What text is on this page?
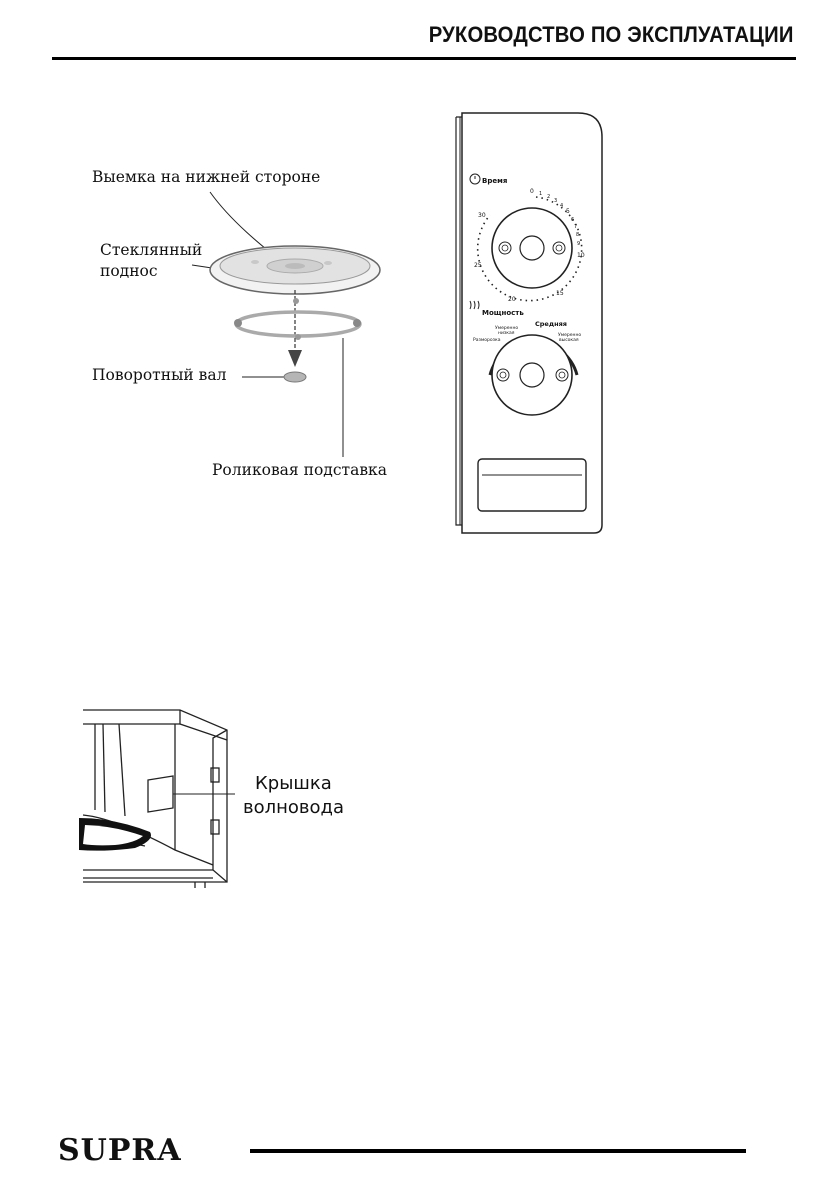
РУКОВОДСТВО ПО ЭКСПЛУАТАЦИИ
Выемка на нижней стороне
Стеклянный
поднос
Поворотный вал
Роликовая подставка
Время
0 1 2
3
4
5
6
7
8
9
10
15
20
25
30
Мощность
Средняя
Умеренно
низкая
Разморозка
Умеренно
высокая
Крышка
волновода
SUPRA
